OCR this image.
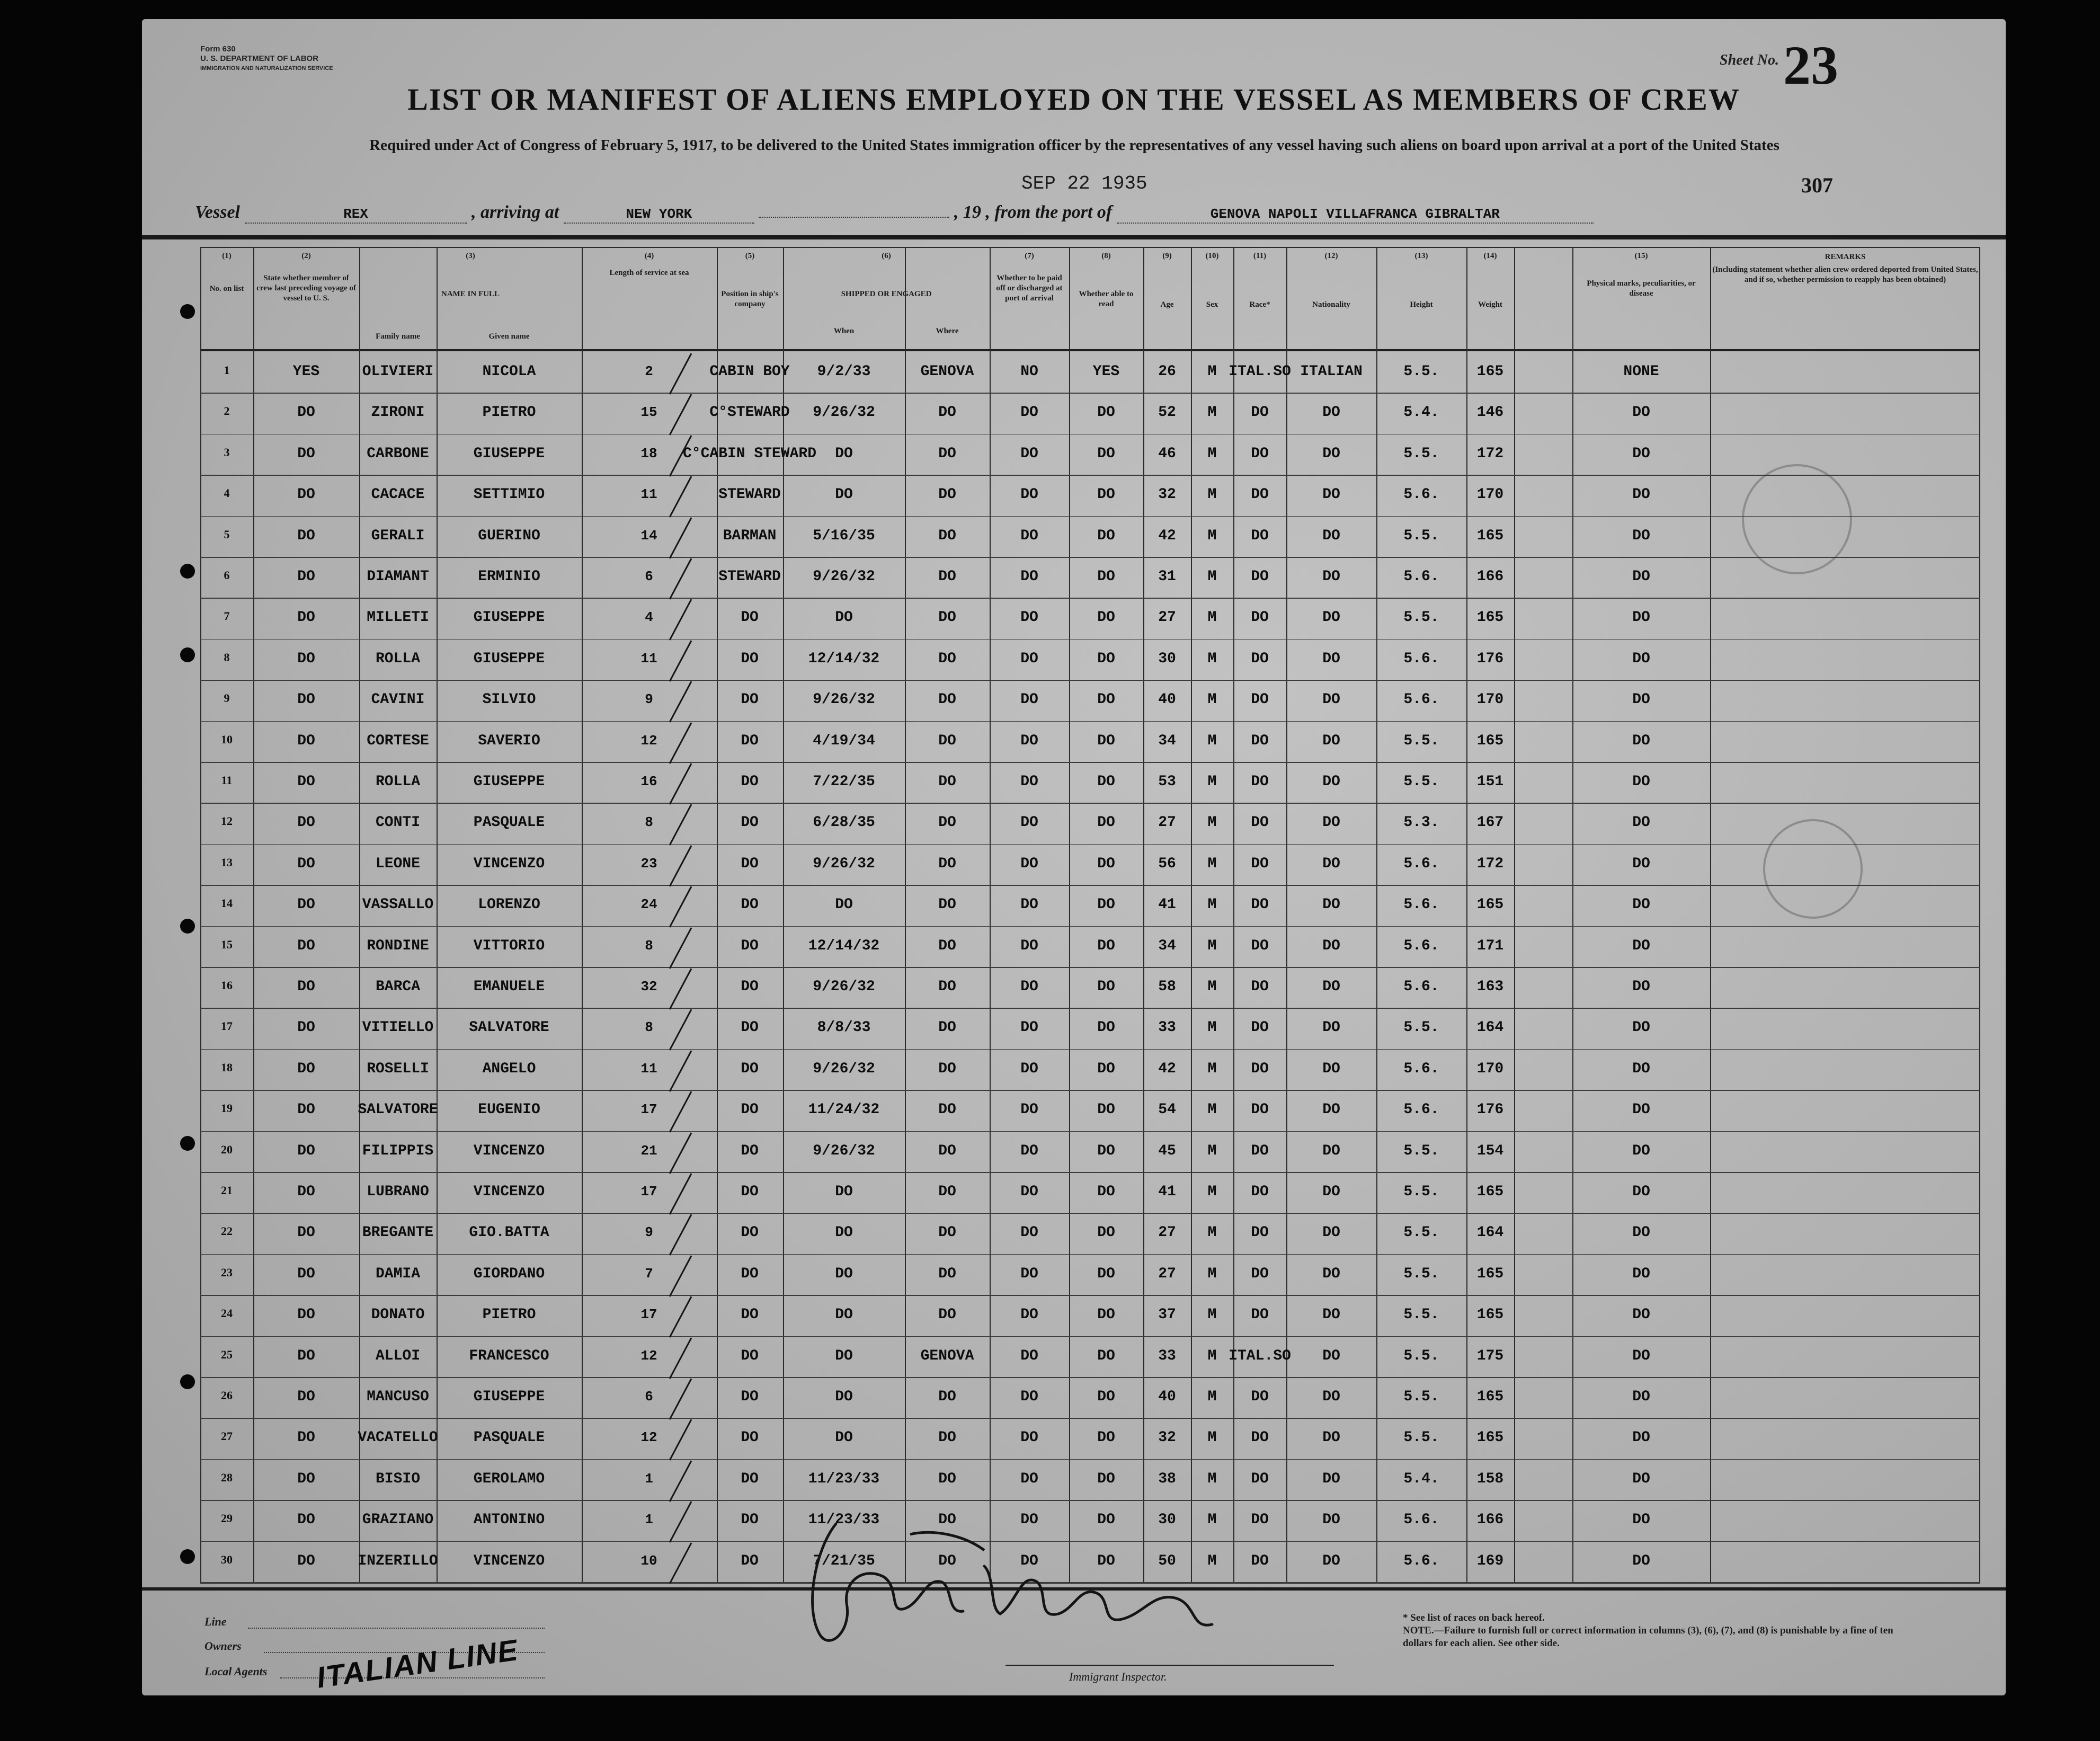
Form 630
U. S. DEPARTMENT OF LABOR
IMMIGRATION AND NATURALIZATION SERVICE	Sheet No. 23
LIST OR MANIFEST OF ALIENS EMPLOYED ON THE VESSEL AS MEMBERS OF CREW
Required under Act of Congress of February 5, 1917, to be delivered to the United States immigration officer by the representatives of any vessel having such aliens on board upon arrival at a port of the United States
SEP 22 1935	307
Vessel	REX	, arriving at	NEW YORK	, 19 , from the port of	GENOVA NAPOLI VILLAFRANCA GIBRALTAR
(1)
No. on list
(2)
State whether member of crew last preceding voyage of vessel to U. S.
(3)
NAME IN FULL
Family name	Given name
(4)
Length of service at sea
(5)
Position in ship's company
(6)
SHIPPED OR ENGAGED
When	Where
(7)
Whether to be paid off or discharged at port of arrival
(8)
Whether able to read
(9)
Age
(10)
Sex
(11)
Race*
(12)
Nationality
(13)
Height
(14)
Weight
(15)
Physical marks, peculiarities, or disease
REMARKS
(Including statement whether alien crew ordered deported from United States, and if so, whether permission to reapply has been obtained)
1	YES	OLIVIERI	NICOLA	2	CABIN BOY 9/2/33	GENOVA	NO	YES	26 M ITAL.SO ITALIAN	5.5.	165	NONE
2	DO	ZIRONI	PIETRO	15	C°STEWARD 9/26/32	DO	DO	DO	52 M DO	DO	5.4.	146	DO
3	DO	CARBONE	GIUSEPPE	18 C°CABIN STEWARD DO	DO	DO	DO	46 M DO	DO	5.5.	172	DO
4	DO	CACACE	SETTIMIO	11	STEWARD	DO	DO	DO	DO	32 M DO	DO	5.6.	170	DO
5	DO	GERALI	GUERINO	14	BARMAN 5/16/35	DO	DO	DO	42 M DO	DO	5.5.	165	DO
6	DO	DIAMANT	ERMINIO	6	STEWARD 9/26/32	DO	DO	DO	31 M DO	DO	5.6.	166	DO
7	DO	MILLETI	GIUSEPPE	4	DO	DO	DO	DO	DO	27 M DO	DO	5.5.	165	DO
8	DO	ROLLA	GIUSEPPE	11	DO	12/14/32	DO	DO	DO	30 M DO	DO	5.6.	176	DO
9	DO	CAVINI	SILVIO	9	DO	9/26/32	DO	DO	DO	40 M DO	DO	5.6.	170	DO
10	DO	CORTESE	SAVERIO	12	DO	4/19/34	DO	DO	DO	34 M DO	DO	5.5.	165	DO
11	DO	ROLLA	GIUSEPPE	16	DO	7/22/35	DO	DO	DO	53 M DO	DO	5.5.	151	DO
12	DO	CONTI	PASQUALE	8	DO	6/28/35	DO	DO	DO	27 M DO	DO	5.3.	167	DO
13	DO	LEONE	VINCENZO	23	DO	9/26/32	DO	DO	DO	56 M DO	DO	5.6.	172	DO
14	DO	VASSALLO	LORENZO	24	DO	DO	DO	DO	DO	41 M DO	DO	5.6.	165	DO
15	DO	RONDINE	VITTORIO	8	DO	12/14/32	DO	DO	DO	34 M DO	DO	5.6.	171	DO
16	DO	BARCA	EMANUELE	32	DO	9/26/32	DO	DO	DO	58 M DO	DO	5.6.	163	DO
17	DO	VITIELLO SALVATORE	8	DO	8/8/33	DO	DO	DO	33 M DO	DO	5.5.	164	DO
18	DO	ROSELLI	ANGELO	11	DO	9/26/32	DO	DO	DO	42 M DO	DO	5.6.	170	DO
19	DO	SALVATORE	EUGENIO	17	DO	11/24/32	DO	DO	DO	54 M DO	DO	5.6.	176	DO
20	DO	FILIPPIS	VINCENZO	21	DO	9/26/32	DO	DO	DO	45 M DO	DO	5.5.	154	DO
21	DO	LUBRANO	VINCENZO	17	DO	DO	DO	DO	DO	41 M DO	DO	5.5.	165	DO
22	DO	BREGANTE GIO.BATTA	9	DO	DO	DO	DO	DO	27 M DO	DO	5.5.	164	DO
23	DO	DAMIA	GIORDANO	7	DO	DO	DO	DO	DO	27 M DO	DO	5.5.	165	DO
24	DO	DONATO	PIETRO	17	DO	DO	DO	DO	DO	37 M DO	DO	5.5.	165	DO
25	DO	ALLOI	FRANCESCO	12	DO	DO	GENOVA	DO	DO	33 M ITAL.SO DO	5.5.	175	DO
26	DO	MANCUSO	GIUSEPPE	6	DO	DO	DO	DO	DO	40 M DO	DO	5.5.	165	DO
27	DO	VACATELLO PASQUALE	12	DO	DO	DO	DO	DO	32 M DO	DO	5.5.	165	DO
28	DO	BISIO	GEROLAMO	1	DO	11/23/33	DO	DO	DO	38 M DO	DO	5.4.	158	DO
29	DO	GRAZIANO	ANTONINO	1	DO	11/23/33	DO	DO	DO	30 M DO	DO	5.6.	166	DO
30	DO	INZERILLO VINCENZO	10	DO	7/21/35	DO	DO	DO	50 M DO	DO	5.6.	169	DO
Line
Owners
Local Agents ITALIAN LINE	Immigrant Inspector.
* See list of races on back hereof.
NOTE.—Failure to furnish full or correct information in columns (3), (6), (7), and (8) is punishable by a fine of ten dollars for each alien. See other side.
